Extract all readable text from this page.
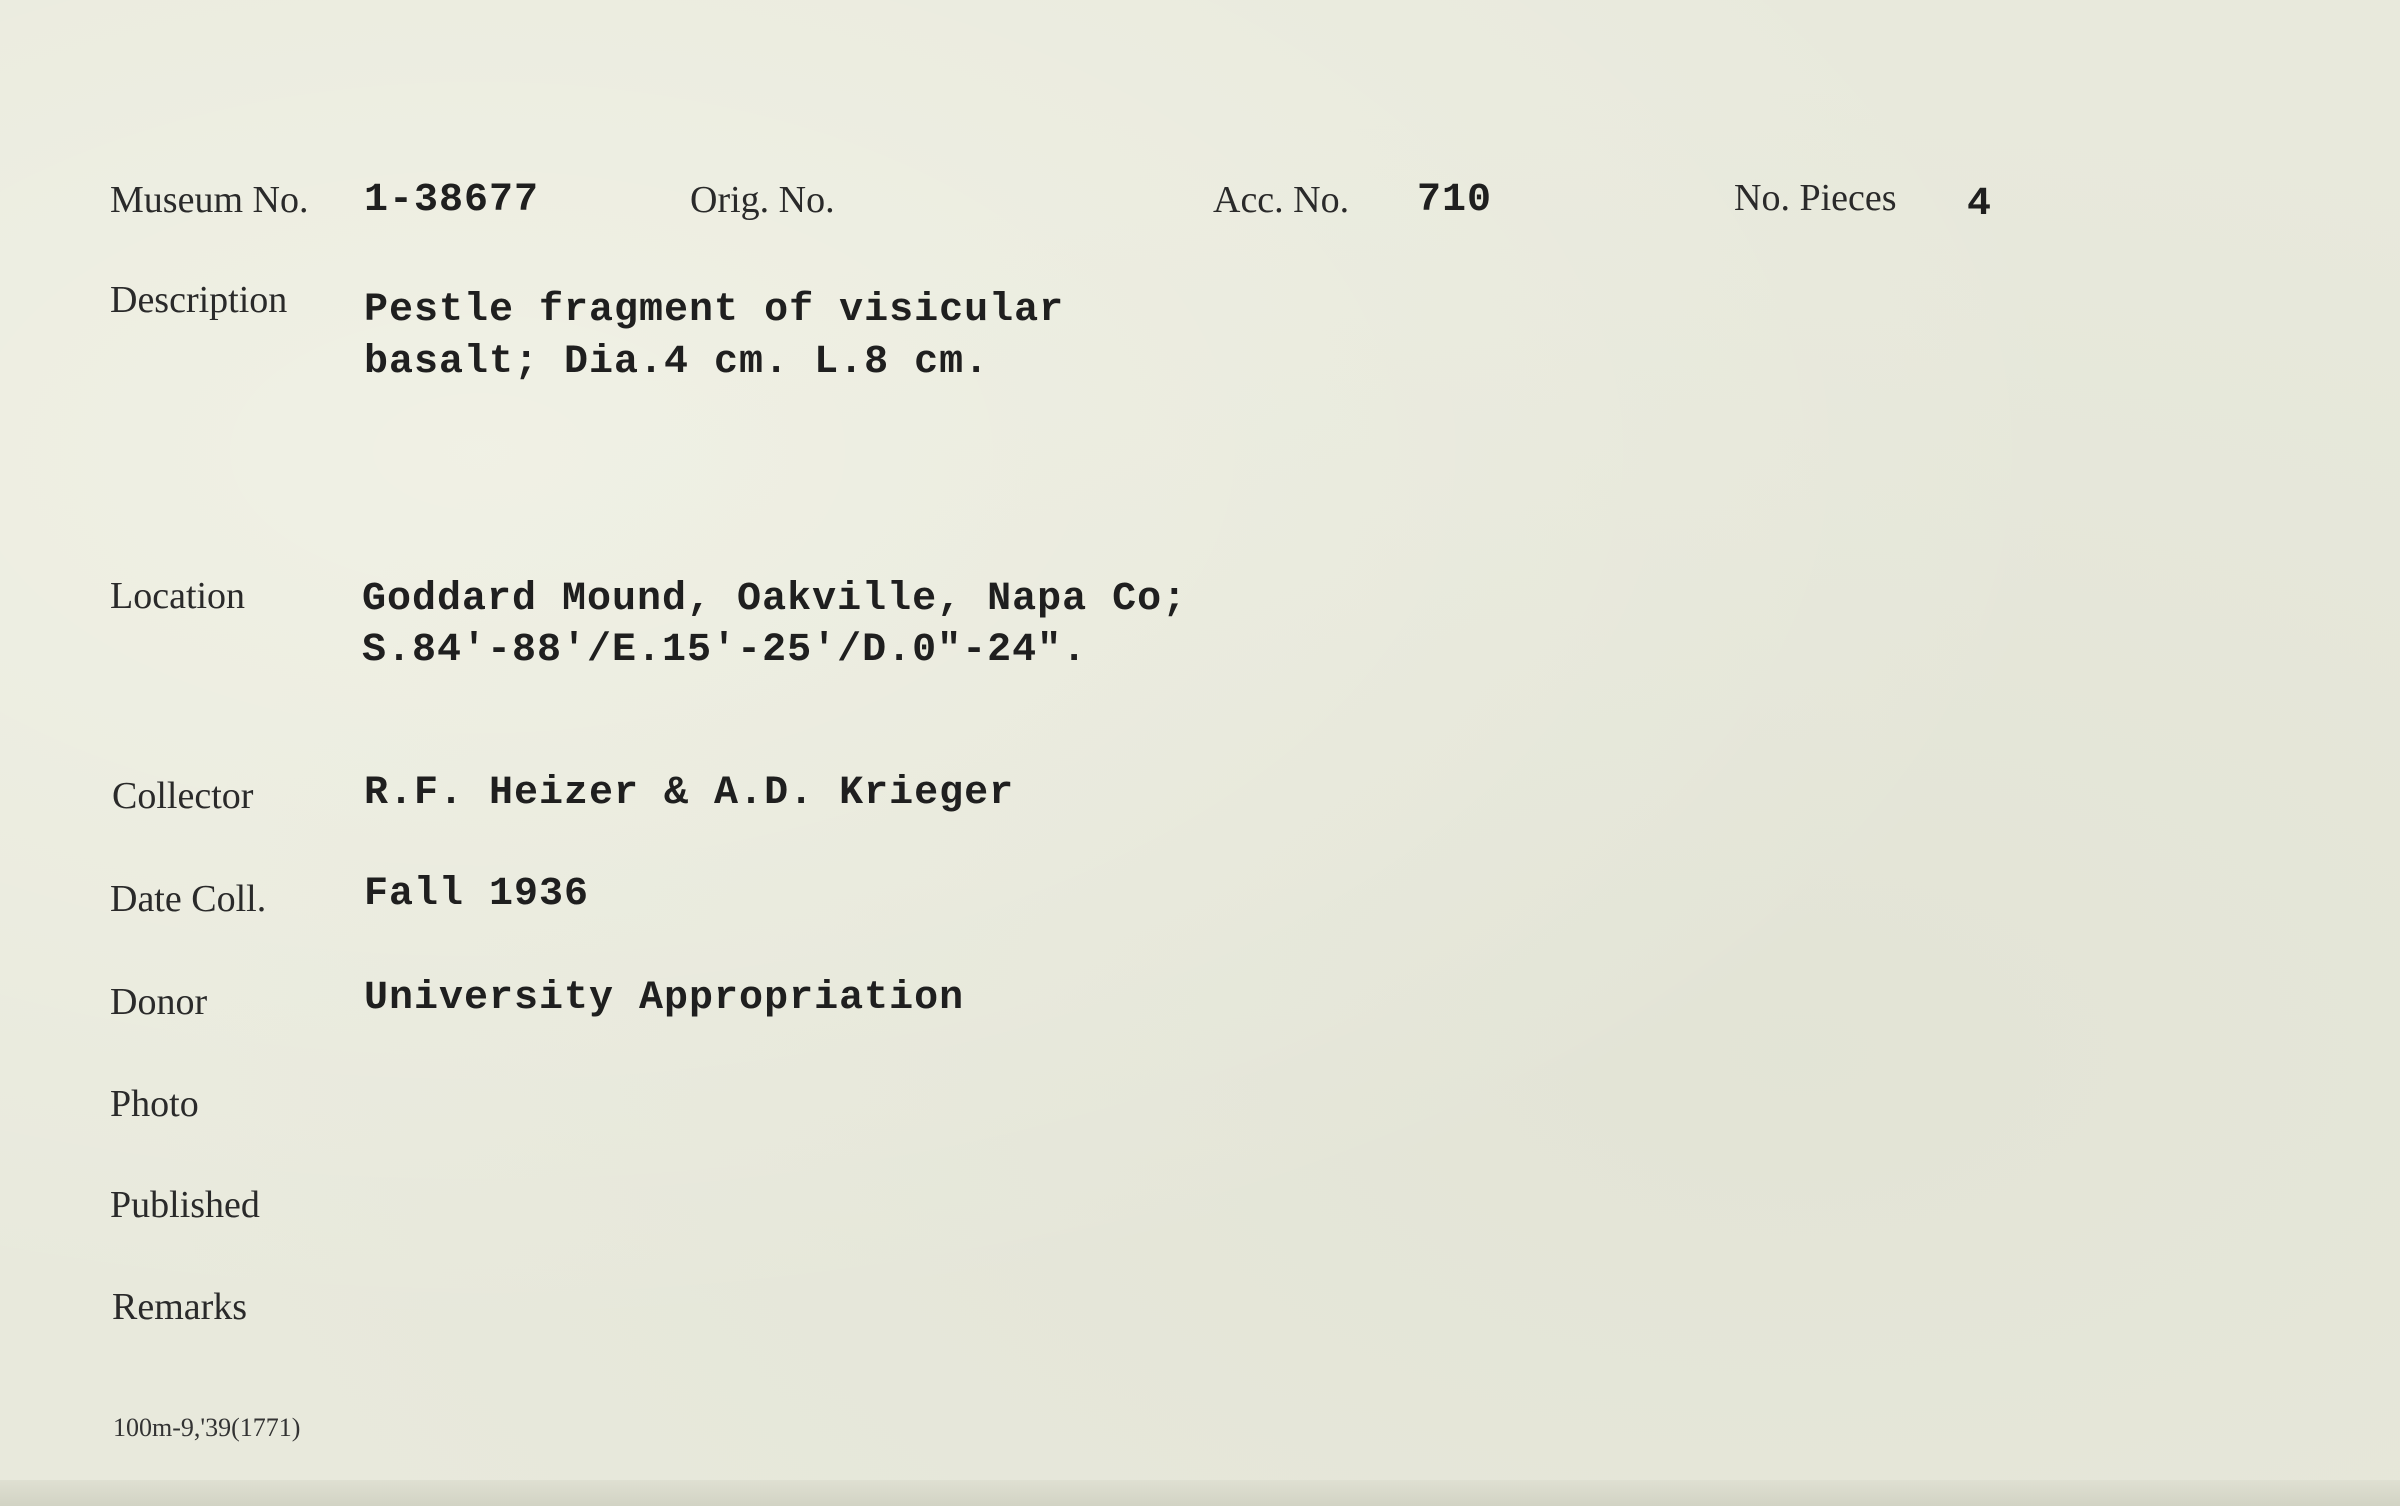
Museum No. 1-38677	Orig. No.	Acc. No. 710	No. Pieces 4
Description Pestle fragment of visicular
basalt; Dia.4 cm. L.8 cm.
Location	Goddard Mound, Oakville, Napa Co;
S.84'-88'/E.15'-25'/D.0"-24".
Collector	R.F. Heizer & A.D. Krieger
Date Coll. Fall 1936
Donor	University Appropriation
Photo
Published
Remarks
100m-9,'39(1771)
